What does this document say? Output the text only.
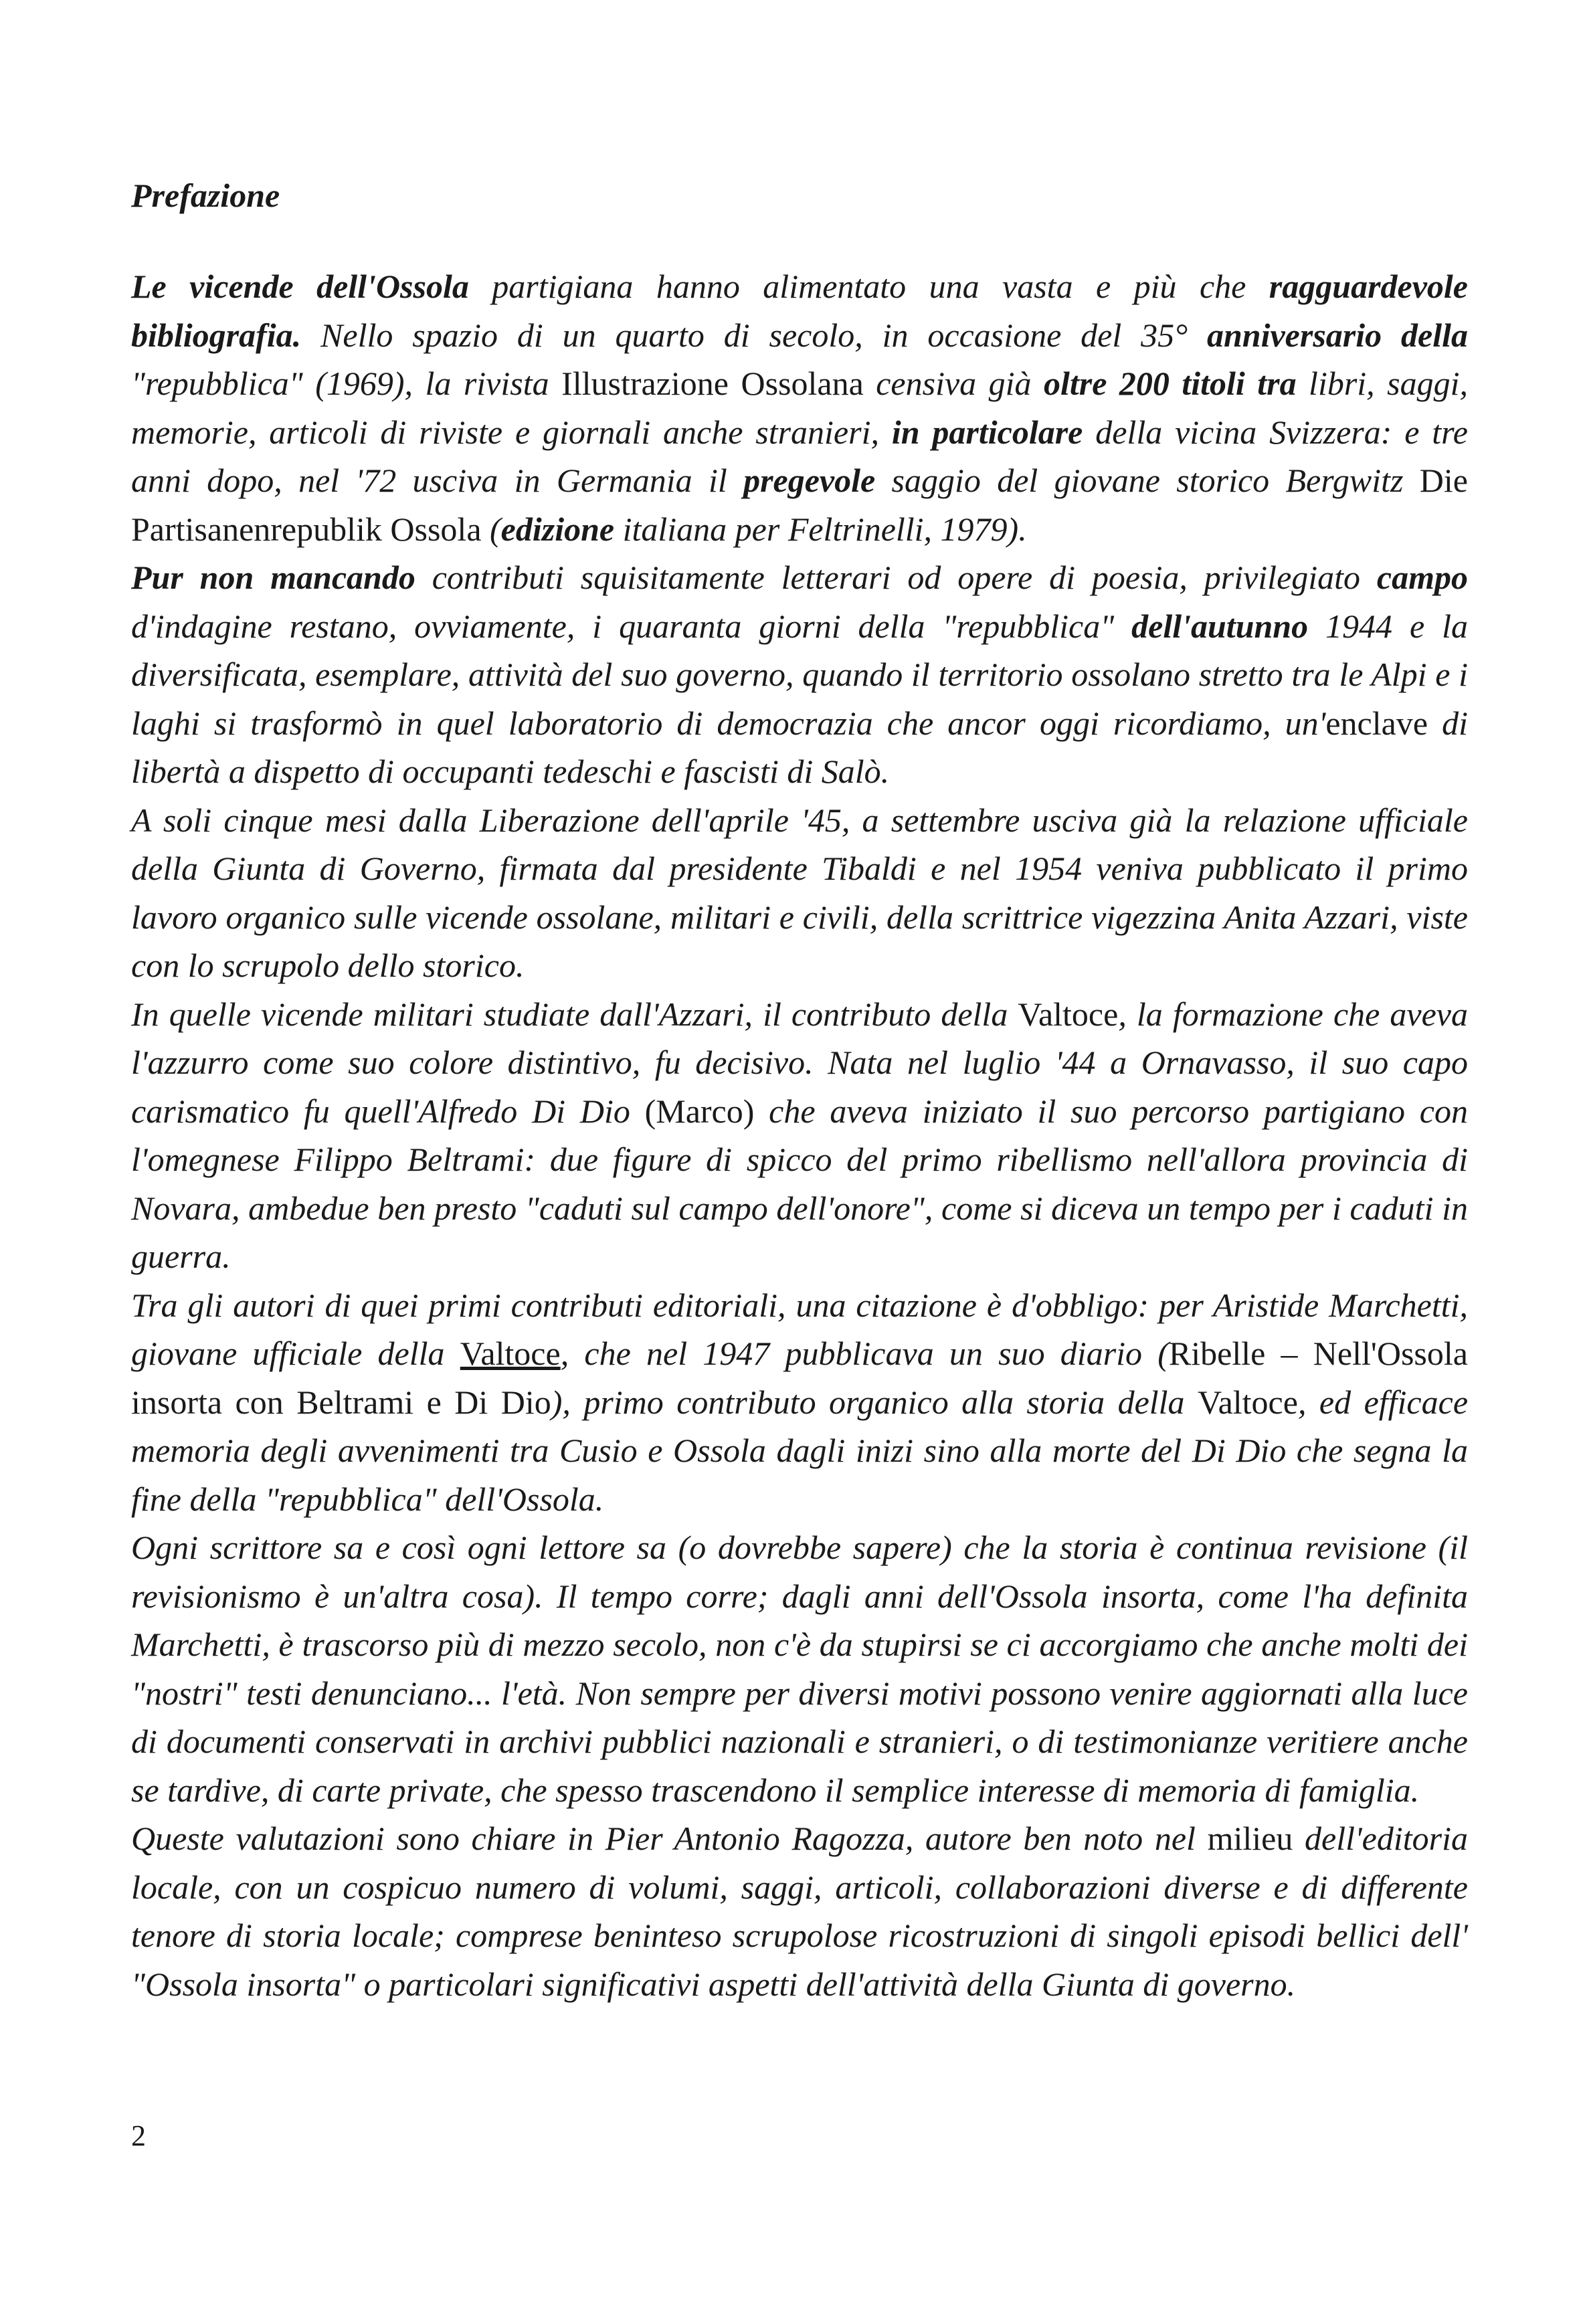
Prefazione

Le vicende dell'Ossola partigiana hanno alimentato una vasta e più che ragguardevole bibliografia. Nello spazio di un quarto di secolo, in occasione del 35° anniversario della "repubblica" (1969), la rivista Illustrazione Ossolana censiva già oltre 200 titoli tra libri, saggi, memorie, articoli di riviste e giornali anche stranieri, in particolare della vicina Svizzera: e tre anni dopo, nel '72 usciva in Germania il pregevole saggio del giovane storico Bergwitz Die Partisanenrepublik Ossola (edizione italiana per Feltrinelli, 1979).

Pur non mancando contributi squisitamente letterari od opere di poesia, privilegiato campo d'indagine restano, ovviamente, i quaranta giorni della "repubblica" dell'autunno 1944 e la diversificata, esemplare, attività del suo governo, quando il territorio ossolano stretto tra le Alpi e i laghi si trasformò in quel laboratorio di democrazia che ancor oggi ricordiamo, un'enclave di libertà a dispetto di occupanti tedeschi e fascisti di Salò.

A soli cinque mesi dalla Liberazione dell'aprile '45, a settembre usciva già la relazione ufficiale della Giunta di Governo, firmata dal presidente Tibaldi e nel 1954 veniva pubblicato il primo lavoro organico sulle vicende ossolane, militari e civili, della scrittrice vigezzina Anita Azzari, viste con lo scrupolo dello storico.

In quelle vicende militari studiate dall'Azzari, il contributo della Valtoce, la formazione che aveva l'azzurro come suo colore distintivo, fu decisivo. Nata nel luglio '44 a Ornavasso, il suo capo carismatico fu quell'Alfredo Di Dio (Marco) che aveva iniziato il suo percorso partigiano con l'omegnese Filippo Beltrami: due figure di spicco del primo ribellismo nell'allora provincia di Novara, ambedue ben presto "caduti sul campo dell'onore", come si diceva un tempo per i caduti in guerra.

Tra gli autori di quei primi contributi editoriali, una citazione è d'obbligo: per Aristide Marchetti, giovane ufficiale della Valtoce, che nel 1947 pubblicava un suo diario (Ribelle – Nell'Ossola insorta con Beltrami e Di Dio), primo contributo organico alla storia della Valtoce, ed efficace memoria degli avvenimenti tra Cusio e Ossola dagli inizi sino alla morte del Di Dio che segna la fine della "repubblica" dell'Ossola.

Ogni scrittore sa e così ogni lettore sa (o dovrebbe sapere) che la storia è continua revisione (il revisionismo è un'altra cosa). Il tempo corre; dagli anni dell'Ossola insorta, come l'ha definita Marchetti, è trascorso più di mezzo secolo, non c'è da stupirsi se ci accorgiamo che anche molti dei "nostri" testi denunciano... l'età. Non sempre per diversi motivi possono venire aggiornati alla luce di documenti conservati in archivi pubblici nazionali e stranieri, o di testimonianze veritiere anche se tardive, di carte private, che spesso trascendono il semplice interesse di memoria di famiglia.

Queste valutazioni sono chiare in Pier Antonio Ragozza, autore ben noto nel milieu dell'editoria locale, con un cospicuo numero di volumi, saggi, articoli, collaborazioni diverse e di differente tenore di storia locale; comprese beninteso scrupolose ricostruzioni di singoli episodi bellici dell' "Ossola insorta" o particolari significativi aspetti dell'attività della Giunta di governo.

2
